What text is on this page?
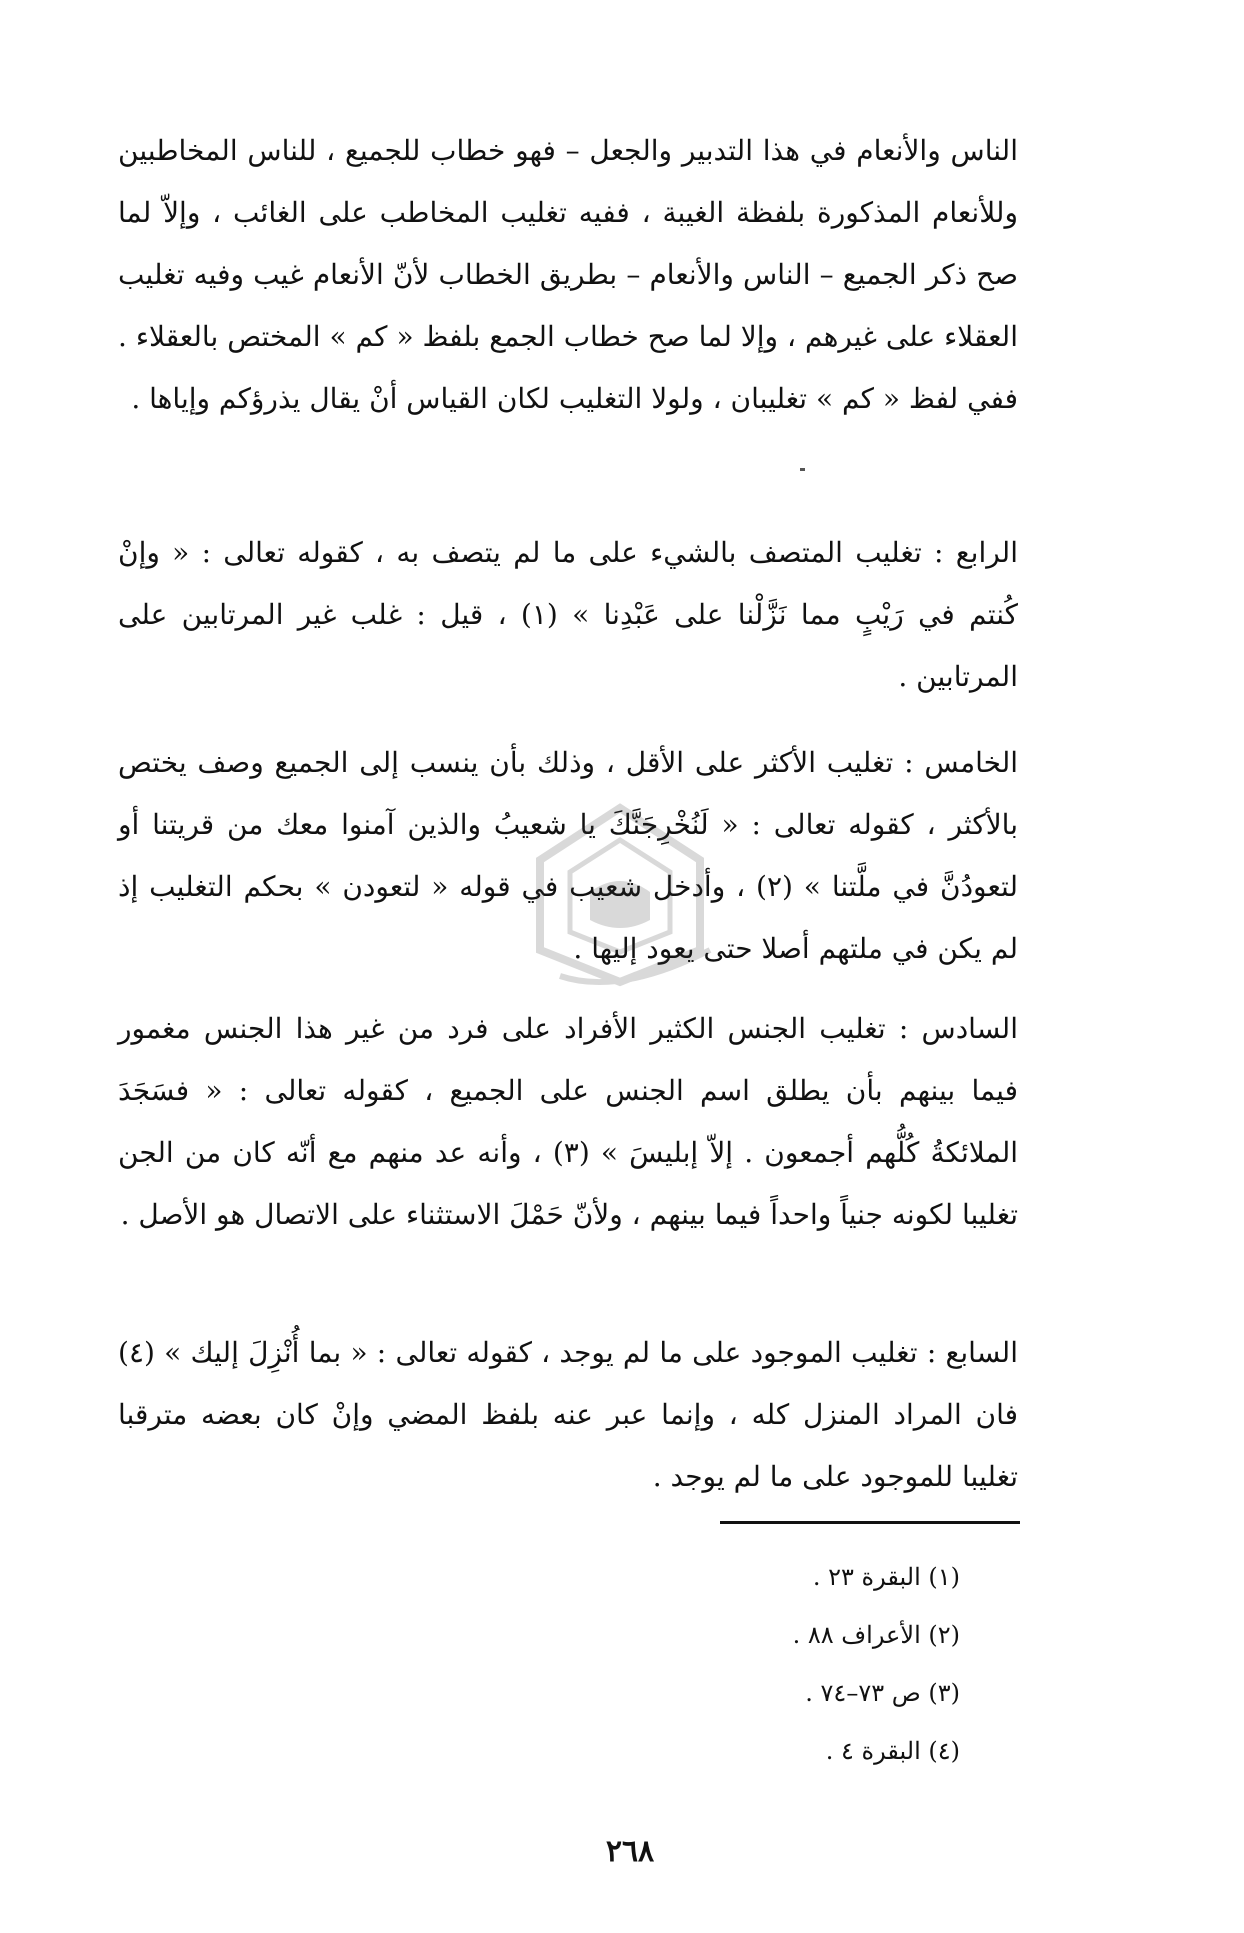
الناس والأنعام في هذا التدبير والجعل – فهو خطاب للجميع ، للناس المخاطبين وللأنعام المذكورة بلفظة الغيبة ، ففيه تغليب المخاطب على الغائب ، وإلاّ لما صح ذكر الجميع – الناس والأنعام – بطريق الخطاب لأنّ الأنعام غيب وفيه تغليب العقلاء على غيرهم ، وإلا لما صح خطاب الجمع بلفظ « كم » المختص بالعقلاء . ففي لفظ « كم » تغليبان ، ولولا التغليب لكان القياس أنْ يقال يذرؤكم وإياها .

الرابع : تغليب المتصف بالشيء على ما لم يتصف به ، كقوله تعالى : « وإنْ كُنتم في رَيْبٍ مما نَزَّلْنا على عَبْدِنا » (١) ، قيل : غلب غير المرتابين على المرتابين .

الخامس : تغليب الأكثر على الأقل ، وذلك بأن ينسب إلى الجميع وصف يختص بالأكثر ، كقوله تعالى : « لَنُخْرِجَنَّكَ يا شعيبُ والذين آمنوا معك من قريتنا أو لتعودُنَّ في ملَّتنا » (٢) ، وأدخل شعيب في قوله « لتعودن » بحكم التغليب إذ لم يكن في ملتهم أصلا حتى يعود إليها .

السادس : تغليب الجنس الكثير الأفراد على فرد من غير هذا الجنس مغمور فيما بينهم بأن يطلق اسم الجنس على الجميع ، كقوله تعالى : « فسَجَدَ الملائكةُ كُلُّهم أجمعون . إلاّ إبليسَ » (٣) ، وأنه عد منهم مع أنّه كان من الجن تغليبا لكونه جنياً واحداً فيما بينهم ، ولأنّ حَمْلَ الاستثناء على الاتصال هو الأصل .

السابع : تغليب الموجود على ما لم يوجد ، كقوله تعالى : « بما أُنْزِلَ إليك » (٤) فان المراد المنزل كله ، وإنما عبر عنه بلفظ المضي وإنْ كان بعضه مترقبا تغليبا للموجود على ما لم يوجد .

(١) البقرة ٢٣ .

(٢) الأعراف ٨٨ .

(٣) ص ٧٣–٧٤ .

(٤) البقرة ٤ .

٢٦٨
